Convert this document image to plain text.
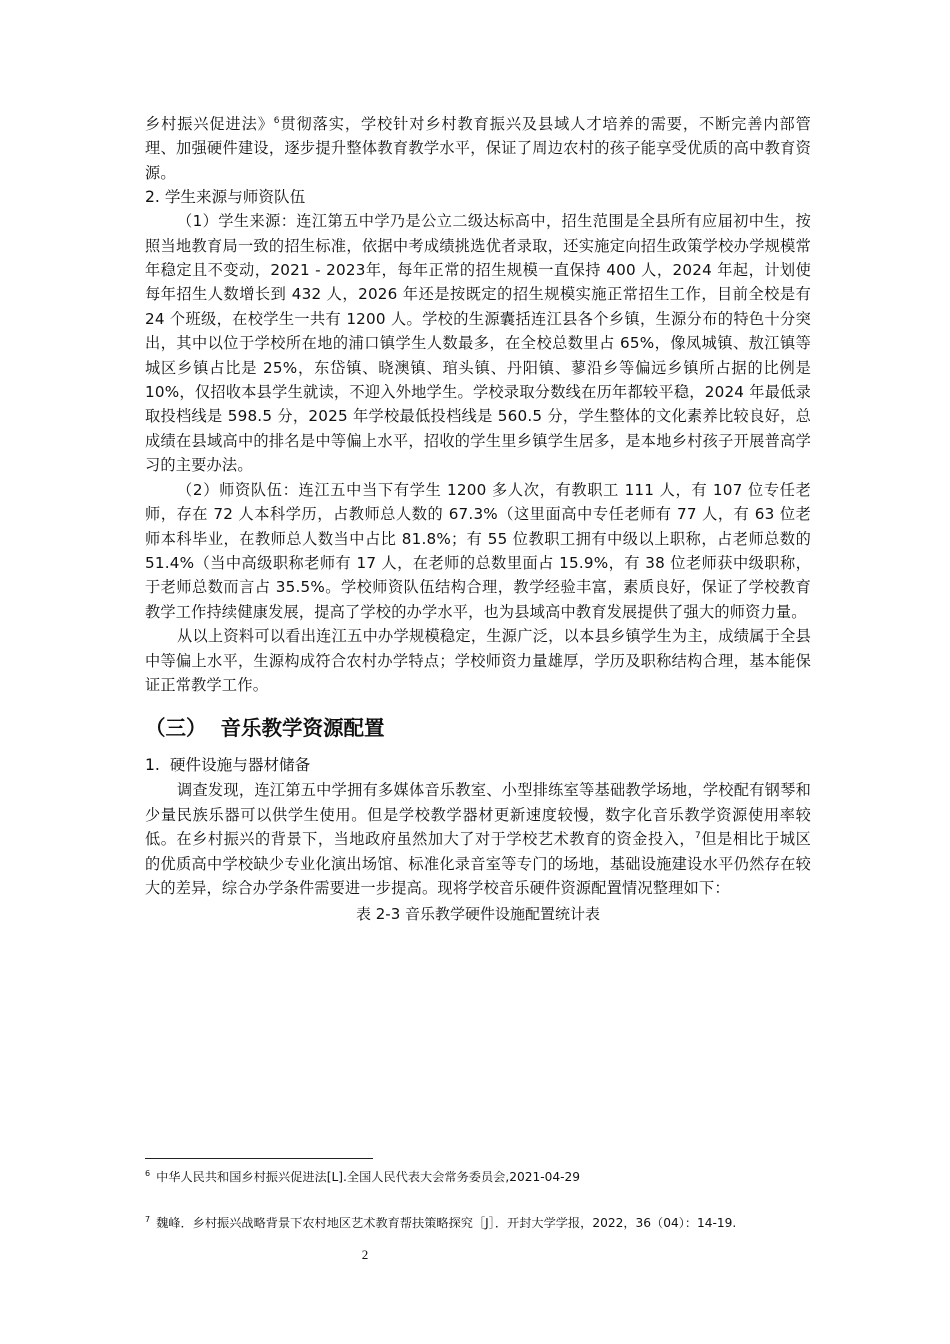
乡村振兴促进法》$^6$贯彻落实，学校针对乡村教育振兴及县域人才培养的需要，不断完善内部管理、加强硬件建设，逐步提升整体教育教学水平，保证了周边农村的孩子能享受优质的高中教育资源。

2. 学生来源与师资队伍

（1）学生来源：连江第五中学乃是公立二级达标高中，招生范围是全县所有应届初中生，按照当地教育局一致的招生标准，依据中考成绩挑选优者录取，还实施定向招生政策学校办学规模常年稳定且不变动，2021 - 2023年，每年正常的招生规模一直保持 400 人，2024 年起，计划使每年招生人数增长到 432 人，2026 年还是按既定的招生规模实施正常招生工作，目前全校是有 24 个班级，在校学生一共有 1200 人。学校的生源囊括连江县各个乡镇，生源分布的特色十分突出，其中以位于学校所在地的浦口镇学生人数最多，在全校总数里占 65%，像凤城镇、敖江镇等城区乡镇占比是 25%，东岱镇、晓澳镇、琯头镇、丹阳镇、蓼沿乡等偏远乡镇所占据的比例是 10%，仅招收本县学生就读，不迎入外地学生。学校录取分数线在历年都较平稳，2024 年最低录取投档线是 598.5 分，2025 年学校最低投档线是 560.5 分，学生整体的文化素养比较良好，总成绩在县域高中的排名是中等偏上水平，招收的学生里乡镇学生居多，是本地乡村孩子开展普高学习的主要办法。

（2）师资队伍：连江五中当下有学生 1200 多人次，有教职工 111 人，有 107 位专任老师，存在 72 人本科学历，占教师总人数的 67.3%（这里面高中专任老师有 77 人，有 63 位老师本科毕业，在教师总人数当中占比 81.8%；有 55 位教职工拥有中级以上职称，占老师总数的 51.4%（当中高级职称老师有 17 人，在老师的总数里面占 15.9%，有 38 位老师获中级职称，于老师总数而言占 35.5%。学校师资队伍结构合理，教学经验丰富，素质良好，保证了学校教育教学工作持续健康发展，提高了学校的办学水平，也为县域高中教育发展提供了强大的师资力量。

从以上资料可以看出连江五中办学规模稳定，生源广泛，以本县乡镇学生为主，成绩属于全县中等偏上水平，生源构成符合农村办学特点；学校师资力量雄厚，学历及职称结构合理，基本能保证正常教学工作。

（三） 音乐教学资源配置
1. 硬件设施与器材储备

调查发现，连江第五中学拥有多媒体音乐教室、小型排练室等基础教学场地，学校配有钢琴和少量民族乐器可以供学生使用。但是学校教学器材更新速度较慢，数字化音乐教学资源使用率较低。在乡村振兴的背景下，当地政府虽然加大了对于学校艺术教育的资金投入，$^7$但是相比于城区的优质高中学校缺少专业化演出场馆、标准化录音室等专门的场地，基础设施建设水平仍然存在较大的差异，综合办学条件需要进一步提高。现将学校音乐硬件资源配置情况整理如下：

表 2-3 音乐教学硬件设施配置统计表
$^6$ 中华人民共和国乡村振兴促进法[L].全国人民代表大会常务委员会,2021-04-29
$^7$ 魏峰．乡村振兴战略背景下农村地区艺术教育帮扶策略探究［J］．开封大学学报，2022，36（04）：14-19.
2
